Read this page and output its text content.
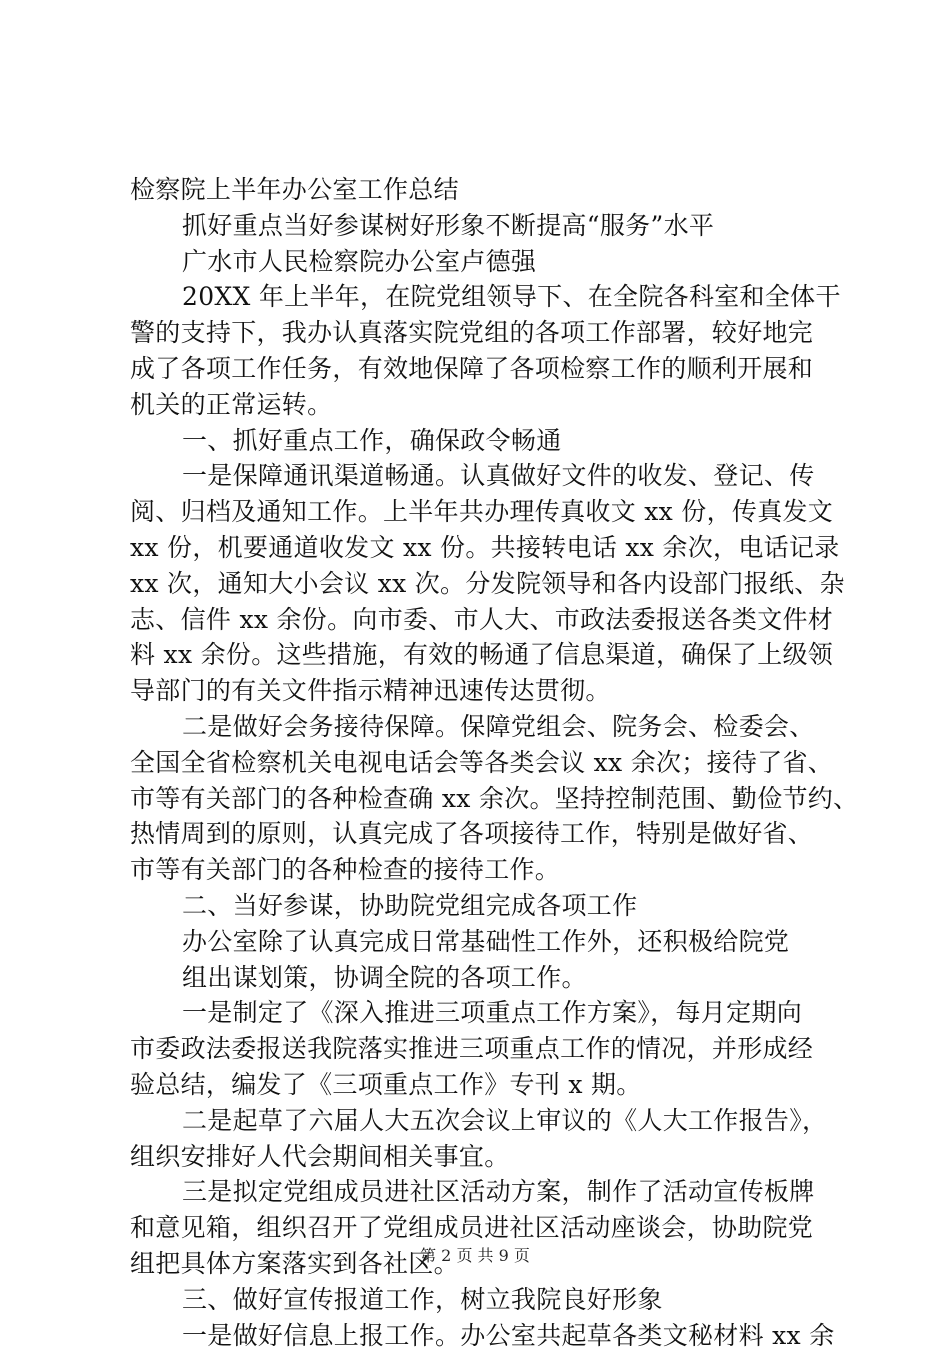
检察院上半年办公室工作总结
抓好重点当好参谋树好形象不断提高“服务”水平
广水市人民检察院办公室卢德强
20XX 年上半年，在院党组领导下、在全院各科室和全体干
警的支持下，我办认真落实院党组的各项工作部署，较好地完
成了各项工作任务，有效地保障了各项检察工作的顺利开展和
机关的正常运转。
一、抓好重点工作，确保政令畅通
一是保障通讯渠道畅通。认真做好文件的收发、登记、传
阅、归档及通知工作。上半年共办理传真收文 xx 份，传真发文
xx 份，机要通道收发文 xx 份。共接转电话 xx 余次，电话记录
xx 次，通知大小会议 xx 次。分发院领导和各内设部门报纸、杂
志、信件 xx 余份。向市委、市人大、市政法委报送各类文件材
料 xx 余份。这些措施，有效的畅通了信息渠道，确保了上级领
导部门的有关文件指示精神迅速传达贯彻。
二是做好会务接待保障。保障党组会、院务会、检委会、
全国全省检察机关电视电话会等各类会议 xx 余次；接待了省、
市等有关部门的各种检查确 xx 余次。坚持控制范围、勤俭节约、
热情周到的原则，认真完成了各项接待工作，特别是做好省、
市等有关部门的各种检查的接待工作。
二、当好参谋，协助院党组完成各项工作
办公室除了认真完成日常基础性工作外，还积极给院党
组出谋划策，协调全院的各项工作。
一是制定了《深入推进三项重点工作方案》，每月定期向
市委政法委报送我院落实推进三项重点工作的情况，并形成经
验总结，编发了《三项重点工作》专刊 x 期。
二是起草了六届人大五次会议上审议的《人大工作报告》，
组织安排好人代会期间相关事宜。
三是拟定党组成员进社区活动方案，制作了活动宣传板牌
和意见箱，组织召开了党组成员进社区活动座谈会，协助院党
组把具体方案落实到各社区。
三、做好宣传报道工作，树立我院良好形象
一是做好信息上报工作。办公室共起草各类文秘材料 xx 余
第 2 页 共 9 页
